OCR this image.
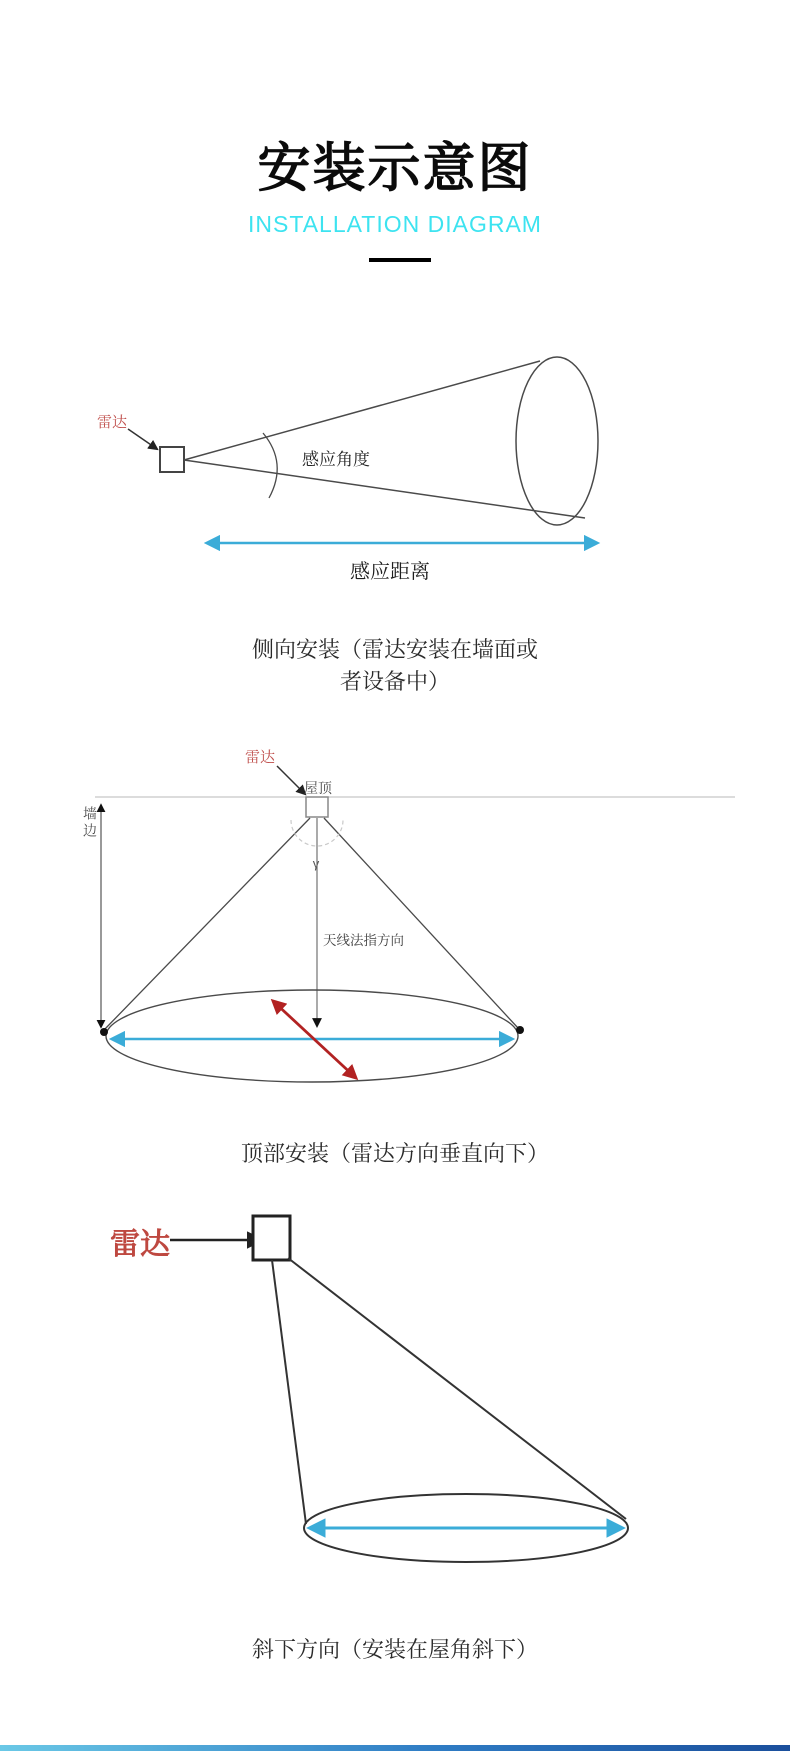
安装示意图
INSTALLATION DIAGRAM
雷达
感应角度
感应距离
侧向安装（雷达安装在墙面或
者设备中）
雷达
屋顶
γ
天线法指方向
墙边
顶部安装（雷达方向垂直向下）
雷达
斜下方向（安装在屋角斜下）
